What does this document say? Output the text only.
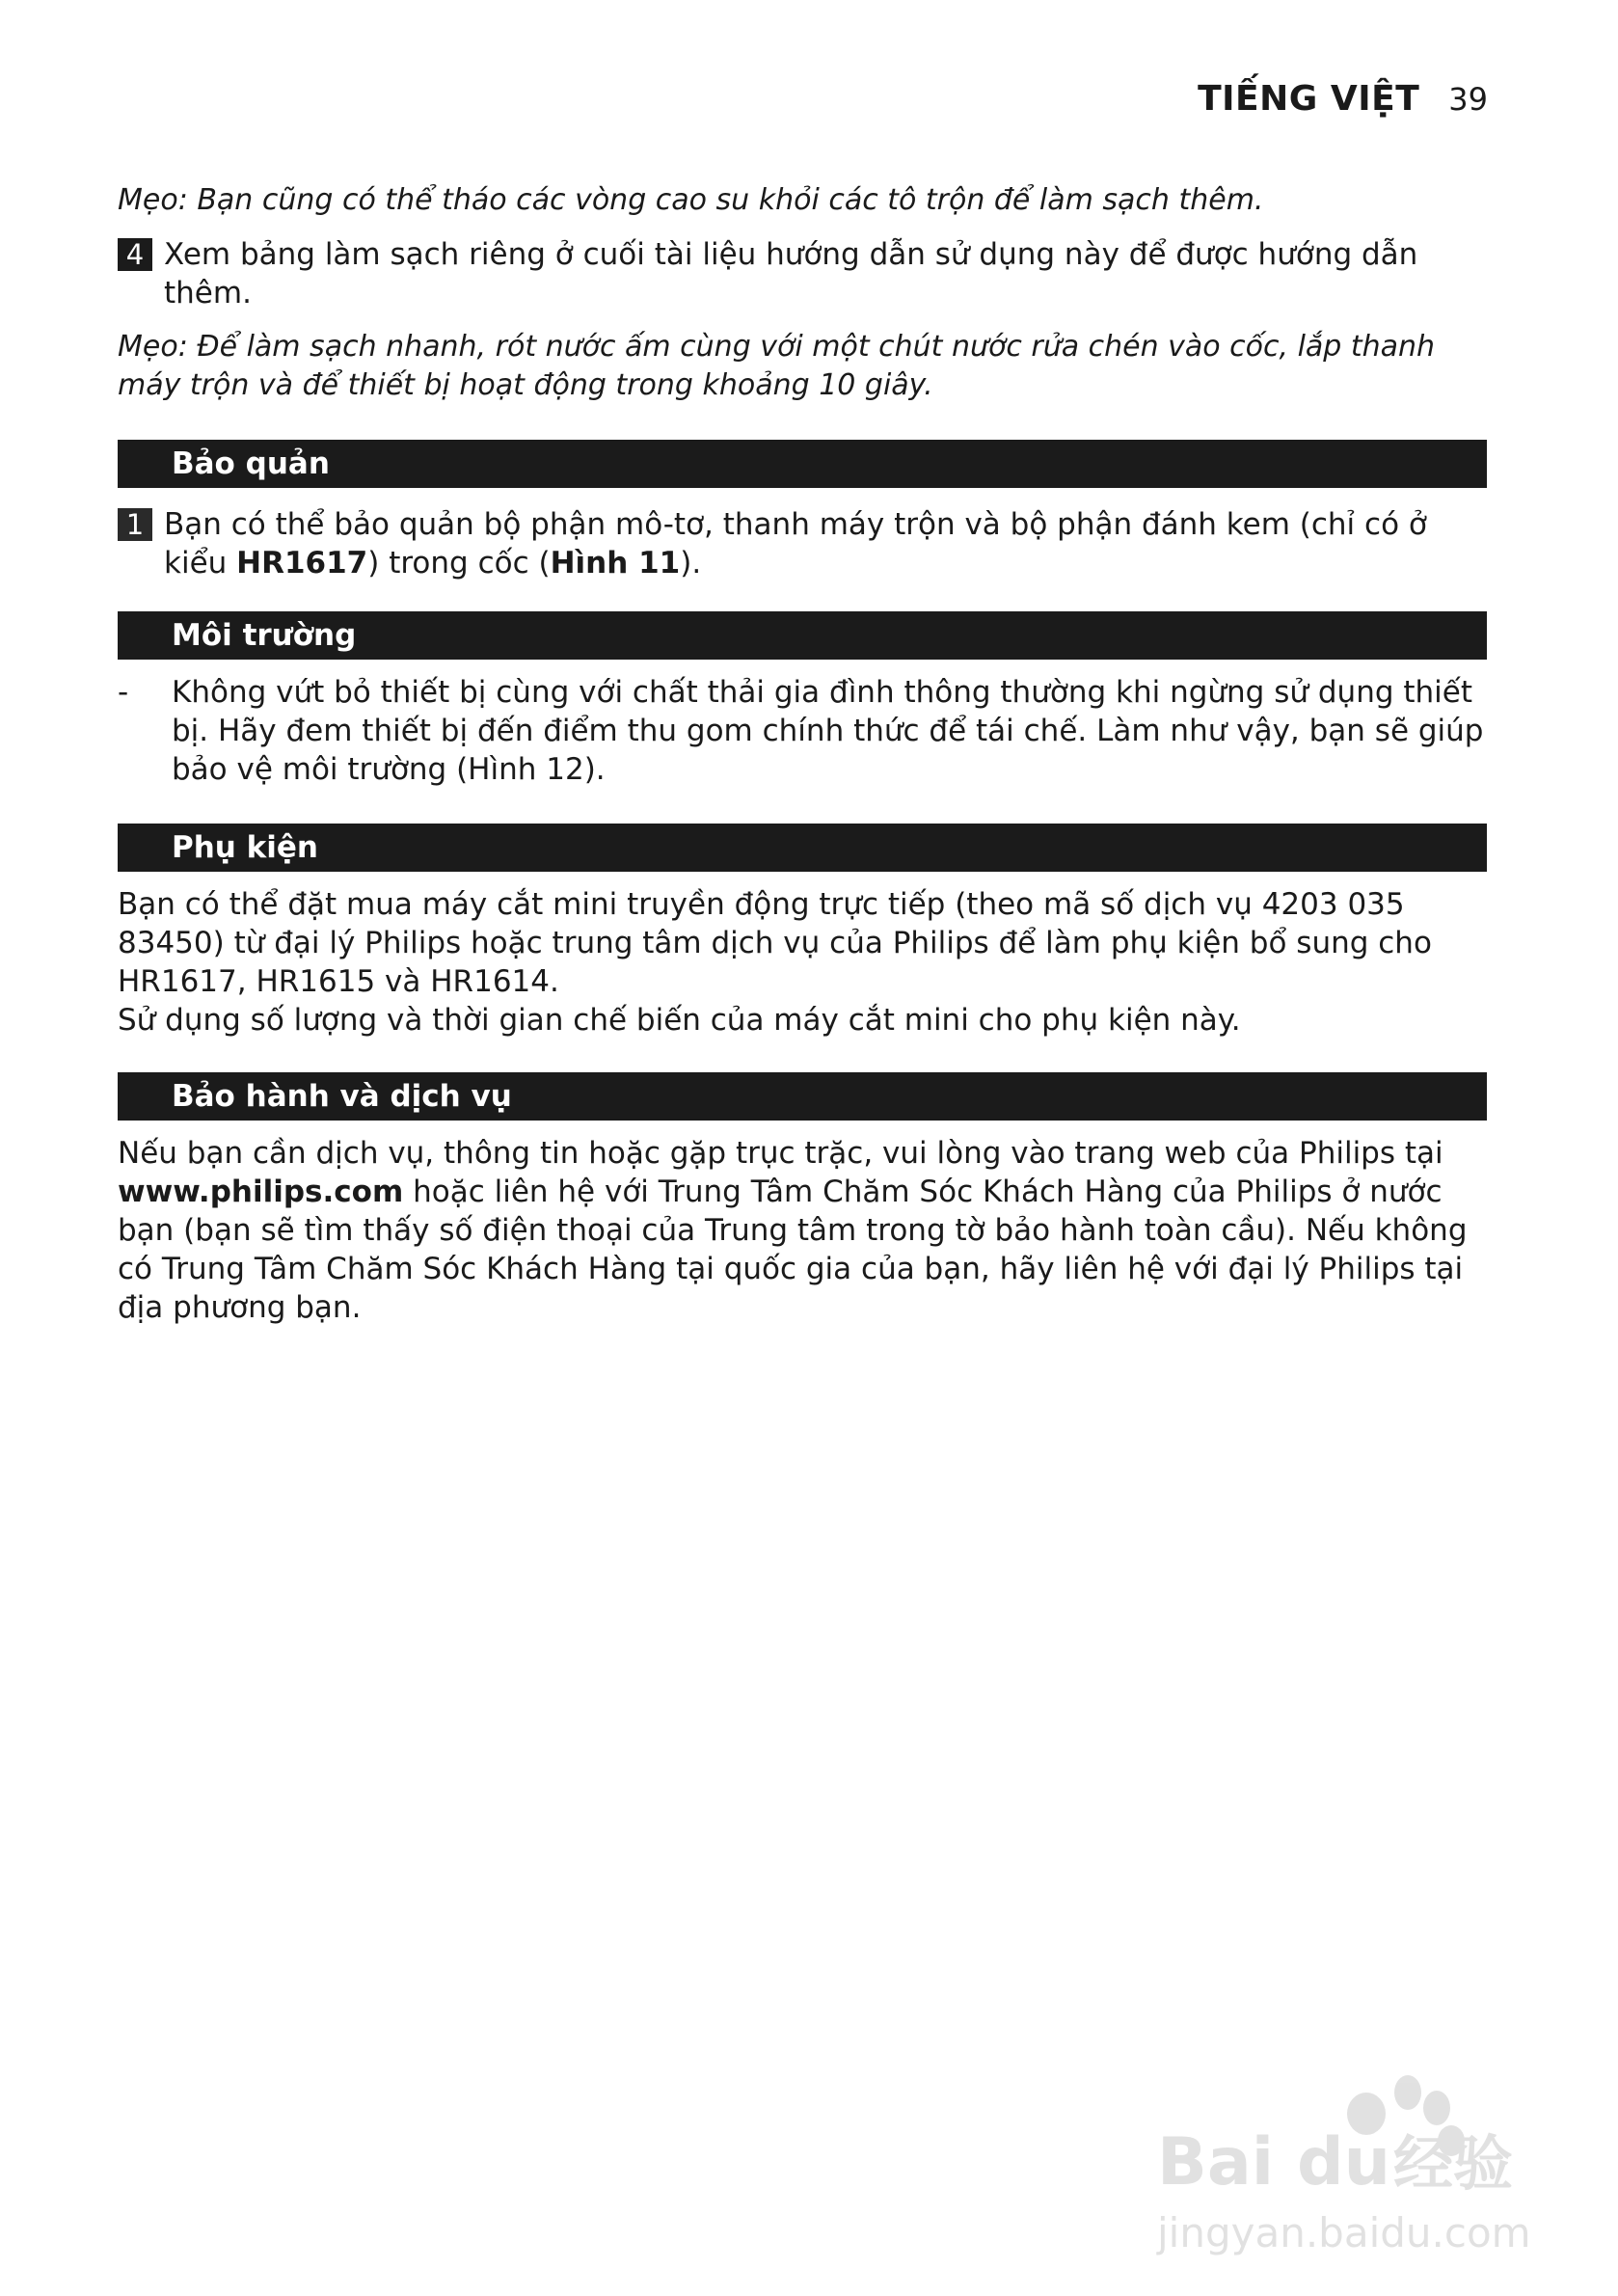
TIẾNG VIỆT 39

Mẹo: Bạn cũng có thể tháo các vòng cao su khỏi các tô trộn để làm sạch thêm.

4 Xem bảng làm sạch riêng ở cuối tài liệu hướng dẫn sử dụng này để được hướng dẫn thêm.

Mẹo: Để làm sạch nhanh, rót nước ấm cùng với một chút nước rửa chén vào cốc, lắp thanh máy trộn và để thiết bị hoạt động trong khoảng 10 giây.

Bảo quản
1 Bạn có thể bảo quản bộ phận mô-tơ, thanh máy trộn và bộ phận đánh kem (chỉ có ở kiểu HR1617) trong cốc (Hình 11).
Môi trường
-	Không vứt bỏ thiết bị cùng với chất thải gia đình thông thường khi ngừng sử dụng thiết bị. Hãy đem thiết bị đến điểm thu gom chính thức để tái chế. Làm như vậy, bạn sẽ giúp bảo vệ môi trường (Hình 12).
Phụ kiện

Bạn có thể đặt mua máy cắt mini truyền động trực tiếp (theo mã số dịch vụ 4203 035 83450) từ đại lý Philips hoặc trung tâm dịch vụ của Philips để làm phụ kiện bổ sung cho HR1617, HR1615 và HR1614.

Sử dụng số lượng và thời gian chế biến của máy cắt mini cho phụ kiện này.

Bảo hành và dịch vụ

Nếu bạn cần dịch vụ, thông tin hoặc gặp trục trặc, vui lòng vào trang web của Philips tại www.philips.com hoặc liên hệ với Trung Tâm Chăm Sóc Khách Hàng của Philips ở nước bạn (bạn sẽ tìm thấy số điện thoại của Trung tâm trong tờ bảo hành toàn cầu). Nếu không có Trung Tâm Chăm Sóc Khách Hàng tại quốc gia của bạn, hãy liên hệ với đại lý Philips tại địa phương bạn.

Bai du 经验
jingyan.baidu.com
